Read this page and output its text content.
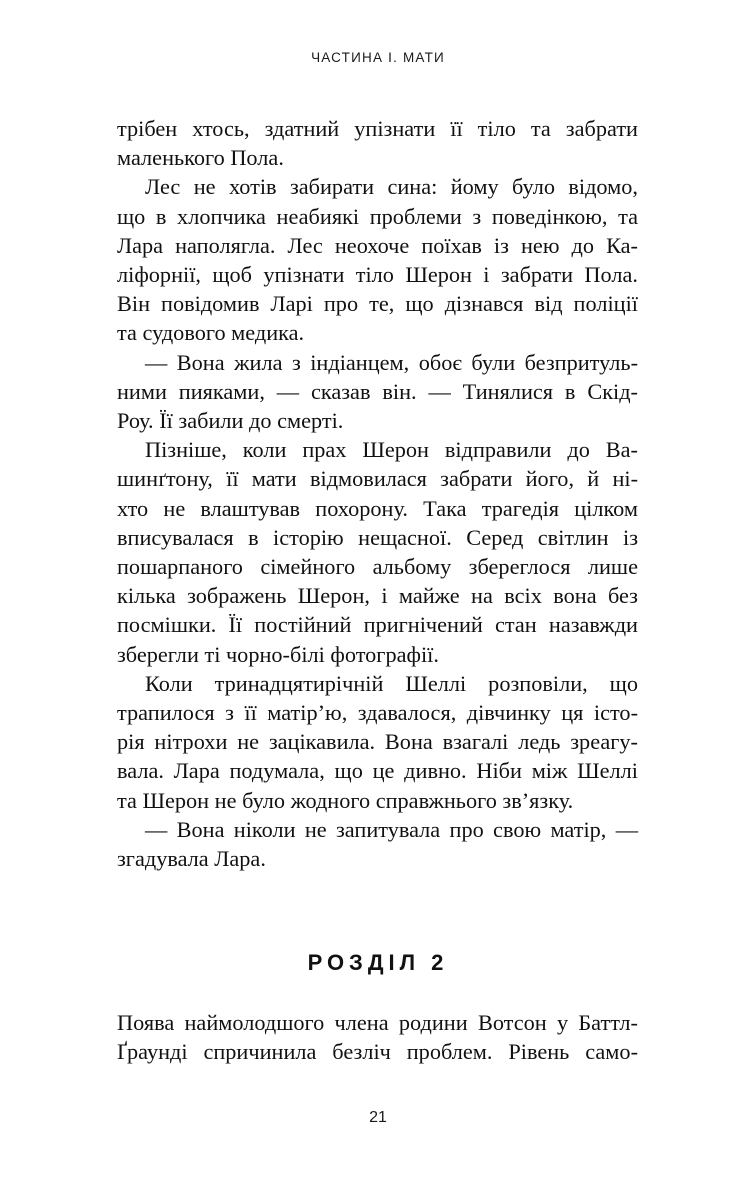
ЧАСТИНА І. МАТИ
трібен хтось, здатний упізнати її тіло та забрати
маленького Пола.
Лес не хотів забирати сина: йому було відомо,
що в хлопчика неабиякі проблеми з поведінкою, та
Лара наполягла. Лес неохоче поїхав із нею до Ка-
ліфорнії, щоб упізнати тіло Шерон і забрати Пола.
Він повідомив Ларі про те, що дізнався від поліції
та судового медика.
— Вона жила з індіанцем, обоє були безпритуль-
ними пияками, — сказав він. — Тинялися в Скід-
Роу. Її забили до смерті.
Пізніше, коли прах Шерон відправили до Ва-
шинґтону, її мати відмовилася забрати його, й ні-
хто не влаштував похорону. Така трагедія цілком
вписувалася в історію нещасної. Серед світлин із
пошарпаного сімейного альбому збереглося лише
кілька зображень Шерон, і майже на всіх вона без
посмішки. Її постійний пригнічений стан назавжди
зберегли ті чорно-білі фотографії.
Коли тринадцятирічній Шеллі розповіли, що
трапилося з її матір’ю, здавалося, дівчинку ця істо-
рія нітрохи не зацікавила. Вона взагалі ледь зреагу-
вала. Лара подумала, що це дивно. Ніби між Шеллі
та Шерон не було жодного справжнього зв’язку.
— Вона ніколи не запитувала про свою матір, —
згадувала Лара.
РОЗДІЛ 2
Поява наймолодшого члена родини Вотсон у Баттл-
Ґраунді спричинила безліч проблем. Рівень само-
21
